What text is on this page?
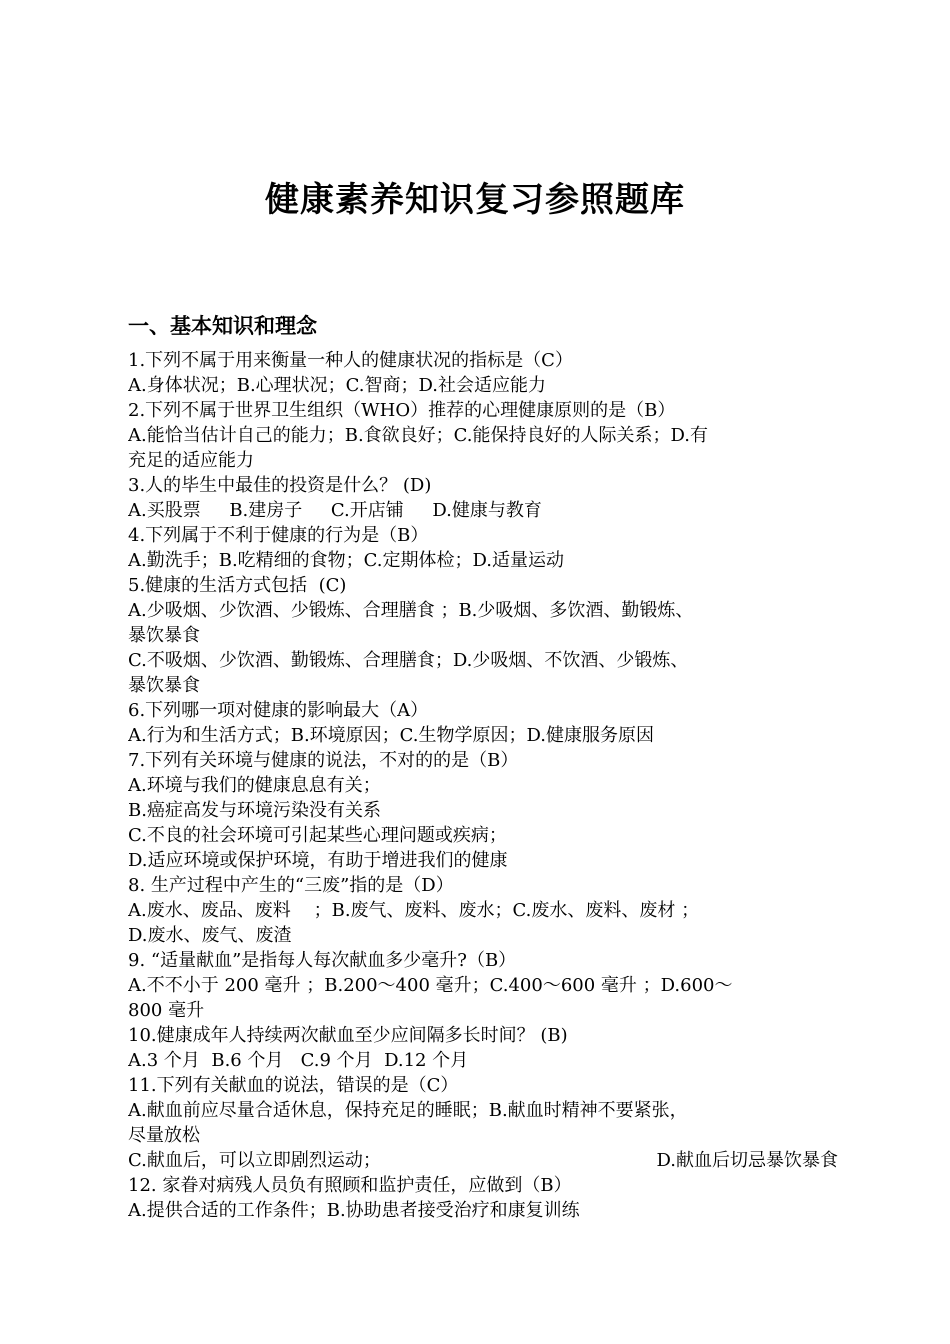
健康素养知识复习参照题库
一、基本知识和理念
1.下列不属于用来衡量一种人的健康状况的指标是（C）
A.身体状况；B.心理状况；C.智商；D.社会适应能力
2.下列不属于世界卫生组织（WHO）推荐的心理健康原则的是（B）
A.能恰当估计自己的能力；B.食欲良好；C.能保持良好的人际关系；D.有
充足的适应能力
3.人的毕生中最佳的投资是什么？ (D)
A.买股票     B.建房子     C.开店铺     D.健康与教育
4.下列属于不利于健康的行为是（B）
A.勤洗手；B.吃精细的食物；C.定期体检；D.适量运动
5.健康的生活方式包括  (C)
A.少吸烟、少饮酒、少锻炼、合理膳食 ；B.少吸烟、多饮酒、勤锻炼、
暴饮暴食
C.不吸烟、少饮酒、勤锻炼、合理膳食；D.少吸烟、不饮酒、少锻炼、
暴饮暴食
6.下列哪一项对健康的影响最大（A）
A.行为和生活方式；B.环境原因；C.生物学原因；D.健康服务原因
7.下列有关环境与健康的说法，不对的的是（B）
A.环境与我们的健康息息有关；
B.癌症高发与环境污染没有关系
C.不良的社会环境可引起某些心理问题或疾病；
D.适应环境或保护环境，有助于增进我们的健康
8. 生产过程中产生的“三废”指的是（D）
A.废水、废品、废料    ；B.废气、废料、废水；C.废水、废料、废材 ；
D.废水、废气、废渣
9. “适量献血”是指每人每次献血多少毫升?（B）
A.不不小于 200 毫升 ；B.200～400 毫升；C.400～600 毫升 ；D.600～
800 毫升
10.健康成年人持续两次献血至少应间隔多长时间？ (B)
A.3 个月  B.6 个月   C.9 个月  D.12 个月
11.下列有关献血的说法，错误的是（C）
A.献血前应尽量合适休息，保持充足的睡眠；B.献血时精神不要紧张，
尽量放松
C.献血后，可以立即剧烈运动；	D.献血后切忌暴饮暴食
12. 家眷对病残人员负有照顾和监护责任，应做到（B）
A.提供合适的工作条件；B.协助患者接受治疗和康复训练
